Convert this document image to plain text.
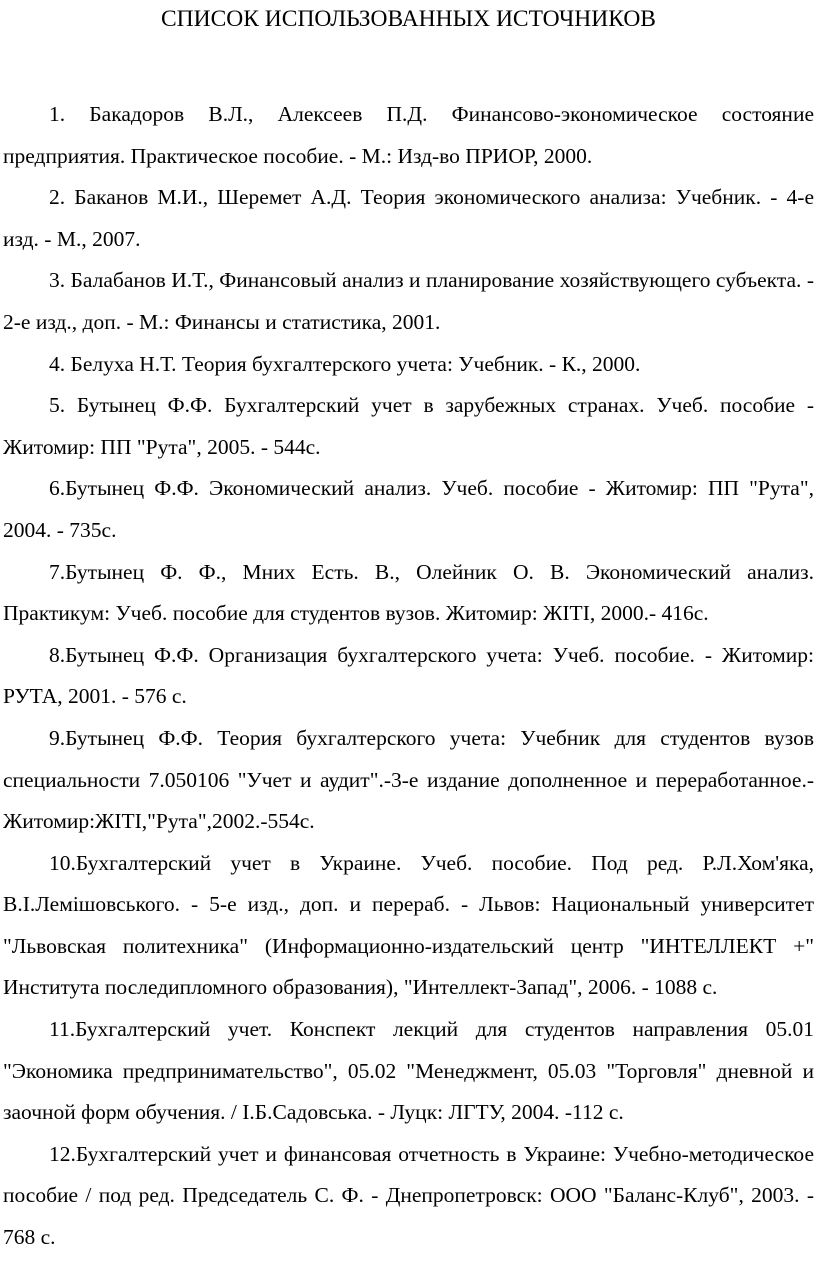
СПИСОК ИСПОЛЬЗОВАННЫХ ИСТОЧНИКОВ

1. Бакадоров В.Л., Алексеев П.Д. Финансово-экономическое состояние предприятия. Практическое пособие. - М.: Изд-во ПРИОР, 2000.

2. Баканов М.И., Шеремет А.Д. Теория экономического анализа: Учебник. - 4-е изд. - М., 2007.

3. Балабанов И.Т., Финансовый анализ и планирование хозяйствующего субъекта. - 2-е изд., доп. - М.: Финансы и статистика, 2001.

4. Белуха Н.Т. Теория бухгалтерского учета: Учебник. - К., 2000.

5. Бутынец Ф.Ф. Бухгалтерский учет в зарубежных странах. Учеб. пособие - Житомир: ПП "Рута", 2005. - 544с.

6.Бутынец Ф.Ф. Экономический анализ. Учеб. пособие - Житомир: ПП "Рута", 2004. - 735с.

7.Бутынец Ф. Ф., Мних Есть. В., Олейник О. В. Экономический анализ. Практикум: Учеб. пособие для студентов вузов. Житомир: ЖІТІ, 2000.- 416с.

8.Бутынец Ф.Ф. Организация бухгалтерского учета: Учеб. пособие. - Житомир: РУТА, 2001. - 576 с.

9.Бутынец Ф.Ф. Теория бухгалтерского учета: Учебник для студентов вузов специальности 7.050106 "Учет и аудит".-3-е издание дополненное и переработанное.-Житомир:ЖІТІ,"Рута",2002.-554с.

10.Бухгалтерский учет в Украине. Учеб. пособие. Под ред. Р.Л.Хом'яка, В.І.Лемішовського. - 5-е изд., доп. и перераб. - Львов: Национальный университет "Львовская политехника" (Информационно-издательский центр "ИНТЕЛЛЕКТ +" Института последипломного образования), "Интеллект-Запад", 2006. - 1088 с.

11.Бухгалтерский учет. Конспект лекций для студентов направления 05.01 "Экономика предпринимательство", 05.02 "Менеджмент, 05.03 "Торговля" дневной и заочной форм обучения. / І.Б.Садовська. - Луцк: ЛГТУ, 2004. -112 с.

12.Бухгалтерский учет и финансовая отчетность в Украине: Учебно-методическое пособие / под ред. Председатель С. Ф. - Днепропетровск: ООО "Баланс-Клуб", 2003. - 768 с.
